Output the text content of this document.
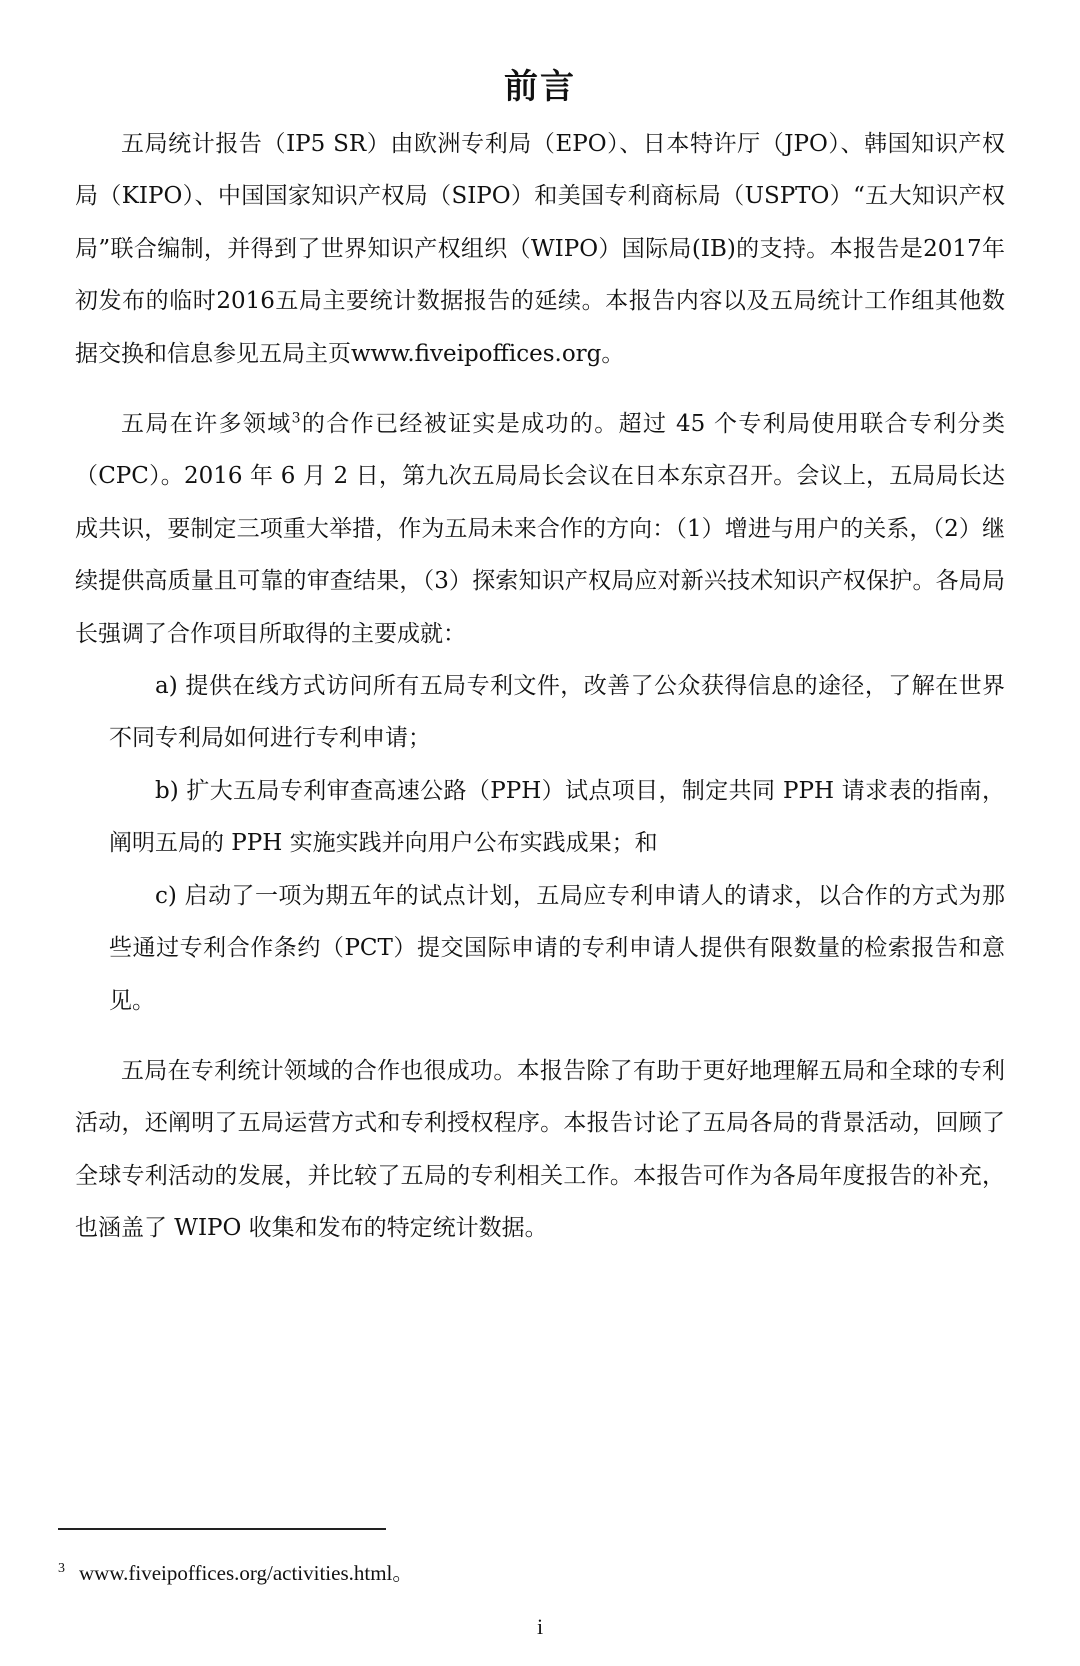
前言

五局统计报告（IP5 SR）由欧洲专利局（EPO）、日本特许厅（JPO）、韩国知识产权局（KIPO）、中国国家知识产权局（SIPO）和美国专利商标局（USPTO）“五大知识产权局”联合编制，并得到了世界知识产权组织（WIPO）国际局(IB)的支持。本报告是2017年初发布的临时2016五局主要统计数据报告的延续。本报告内容以及五局统计工作组其他数据交换和信息参见五局主页www.fiveipoffices.org。

五局在许多领域$^3$的合作已经被证实是成功的。超过 45 个专利局使用联合专利分类（CPC）。2016 年 6 月 2 日，第九次五局局长会议在日本东京召开。会议上，五局局长达成共识，要制定三项重大举措，作为五局未来合作的方向：（1）增进与用户的关系，（2）继续提供高质量且可靠的审查结果，（3）探索知识产权局应对新兴技术知识产权保护。各局局长强调了合作项目所取得的主要成就：

a) 提供在线方式访问所有五局专利文件，改善了公众获得信息的途径，了解在世界不同专利局如何进行专利申请；

b) 扩大五局专利审查高速公路（PPH）试点项目，制定共同 PPH 请求表的指南，阐明五局的 PPH 实施实践并向用户公布实践成果；和

c) 启动了一项为期五年的试点计划，五局应专利申请人的请求，以合作的方式为那些通过专利合作条约（PCT）提交国际申请的专利申请人提供有限数量的检索报告和意见。

五局在专利统计领域的合作也很成功。本报告除了有助于更好地理解五局和全球的专利活动，还阐明了五局运营方式和专利授权程序。本报告讨论了五局各局的背景活动，回顾了全球专利活动的发展，并比较了五局的专利相关工作。本报告可作为各局年度报告的补充，也涵盖了 WIPO 收集和发布的特定统计数据。

3 www.fiveipoffices.org/activities.html。
i
